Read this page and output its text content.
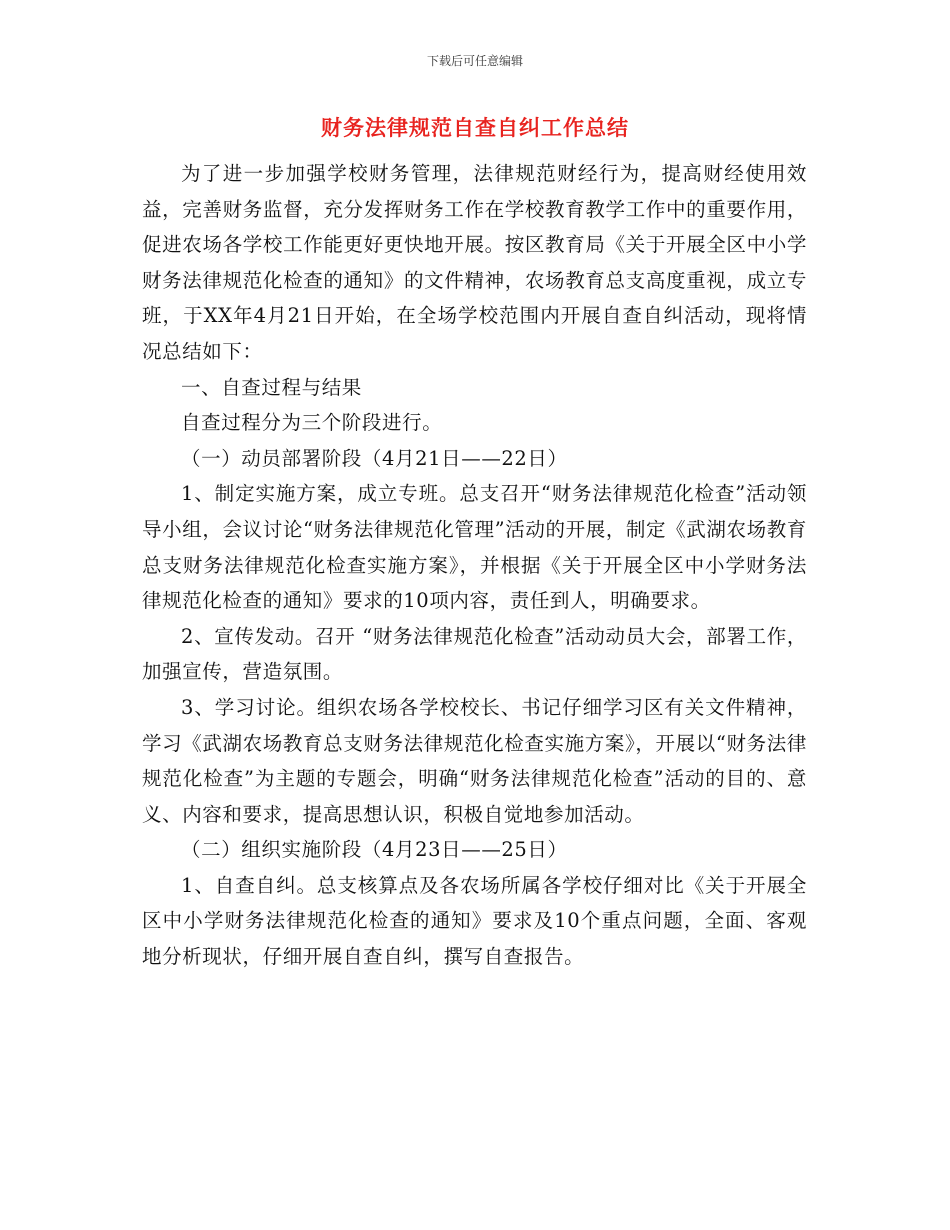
下载后可任意编辑
财务法律规范自查自纠工作总结

为了进一步加强学校财务管理，法律规范财经行为，提高财经使用效益，完善财务监督，充分发挥财务工作在学校教育教学工作中的重要作用，促进农场各学校工作能更好更快地开展。按区教育局《关于开展全区中小学财务法律规范化检查的通知》的文件精神，农场教育总支高度重视，成立专班，于XX年4月21日开始，在全场学校范围内开展自查自纠活动，现将情况总结如下：

一、自查过程与结果

自查过程分为三个阶段进行。

（一）动员部署阶段（4月21日——22日）

1、制定实施方案，成立专班。总支召开“财务法律规范化检查”活动领导小组，会议讨论“财务法律规范化管理”活动的开展，制定《武湖农场教育总支财务法律规范化检查实施方案》，并根据《关于开展全区中小学财务法律规范化检查的通知》要求的10项内容，责任到人，明确要求。

2、宣传发动。召开 “财务法律规范化检查”活动动员大会，部署工作，加强宣传，营造氛围。

3、学习讨论。组织农场各学校校长、书记仔细学习区有关文件精神，学习《武湖农场教育总支财务法律规范化检查实施方案》，开展以“财务法律规范化检查”为主题的专题会，明确“财务法律规范化检查”活动的目的、意义、内容和要求，提高思想认识，积极自觉地参加活动。

（二）组织实施阶段（4月23日——25日）

1、自查自纠。总支核算点及各农场所属各学校仔细对比《关于开展全区中小学财务法律规范化检查的通知》要求及10个重点问题，全面、客观地分析现状，仔细开展自查自纠，撰写自查报告。
